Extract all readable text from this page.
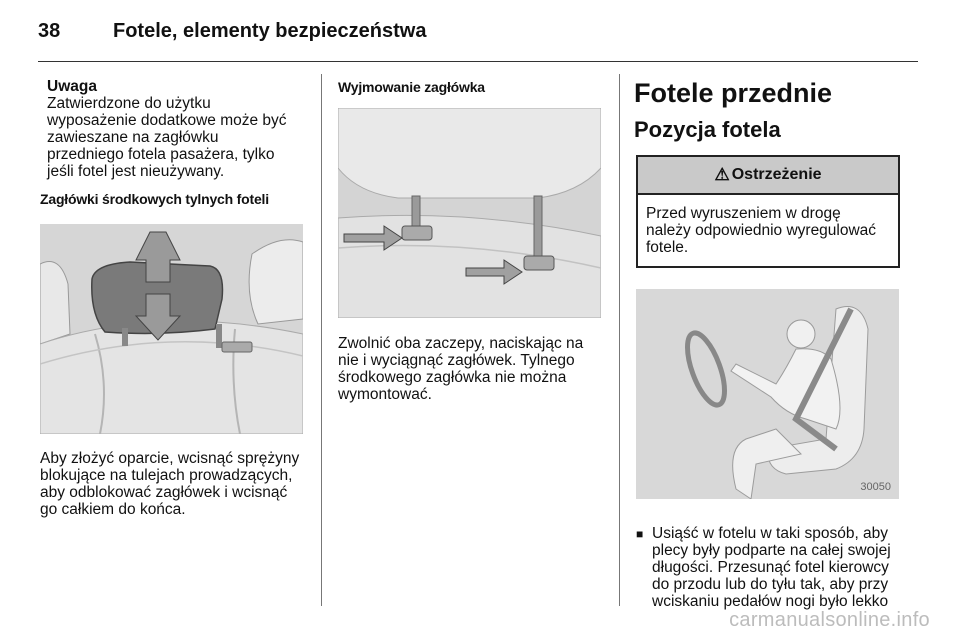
38	Fotele, elementy bezpieczeństwa
Uwaga
Zatwierdzone do użytku
wyposażenie dodatkowe może być
zawieszane na zagłówku
przedniego fotela pasażera, tylko
jeśli fotel jest nieużywany.
Zagłówki środkowych tylnych foteli
Aby złożyć oparcie, wcisnąć sprężyny
blokujące na tulejach prowadzących,
aby odblokować zagłówek i wcisnąć
go całkiem do końca.
Wyjmowanie zagłówka
Zwolnić oba zaczepy, naciskając na
nie i wyciągnąć zagłówek. Tylnego
środkowego zagłówka nie można
wymontować.
Fotele przednie
Pozycja fotela
⚠ Ostrzeżenie
Przed wyruszeniem w drogę
należy odpowiednio wyregulować
fotele.
30050
■ Usiąść w fotelu w taki sposób, aby
plecy były podparte na całej swojej
długości. Przesunąć fotel kierowcy
do przodu lub do tyłu tak, aby przy
wciskaniu pedałów nogi było lekko
carmanualsonline.info
